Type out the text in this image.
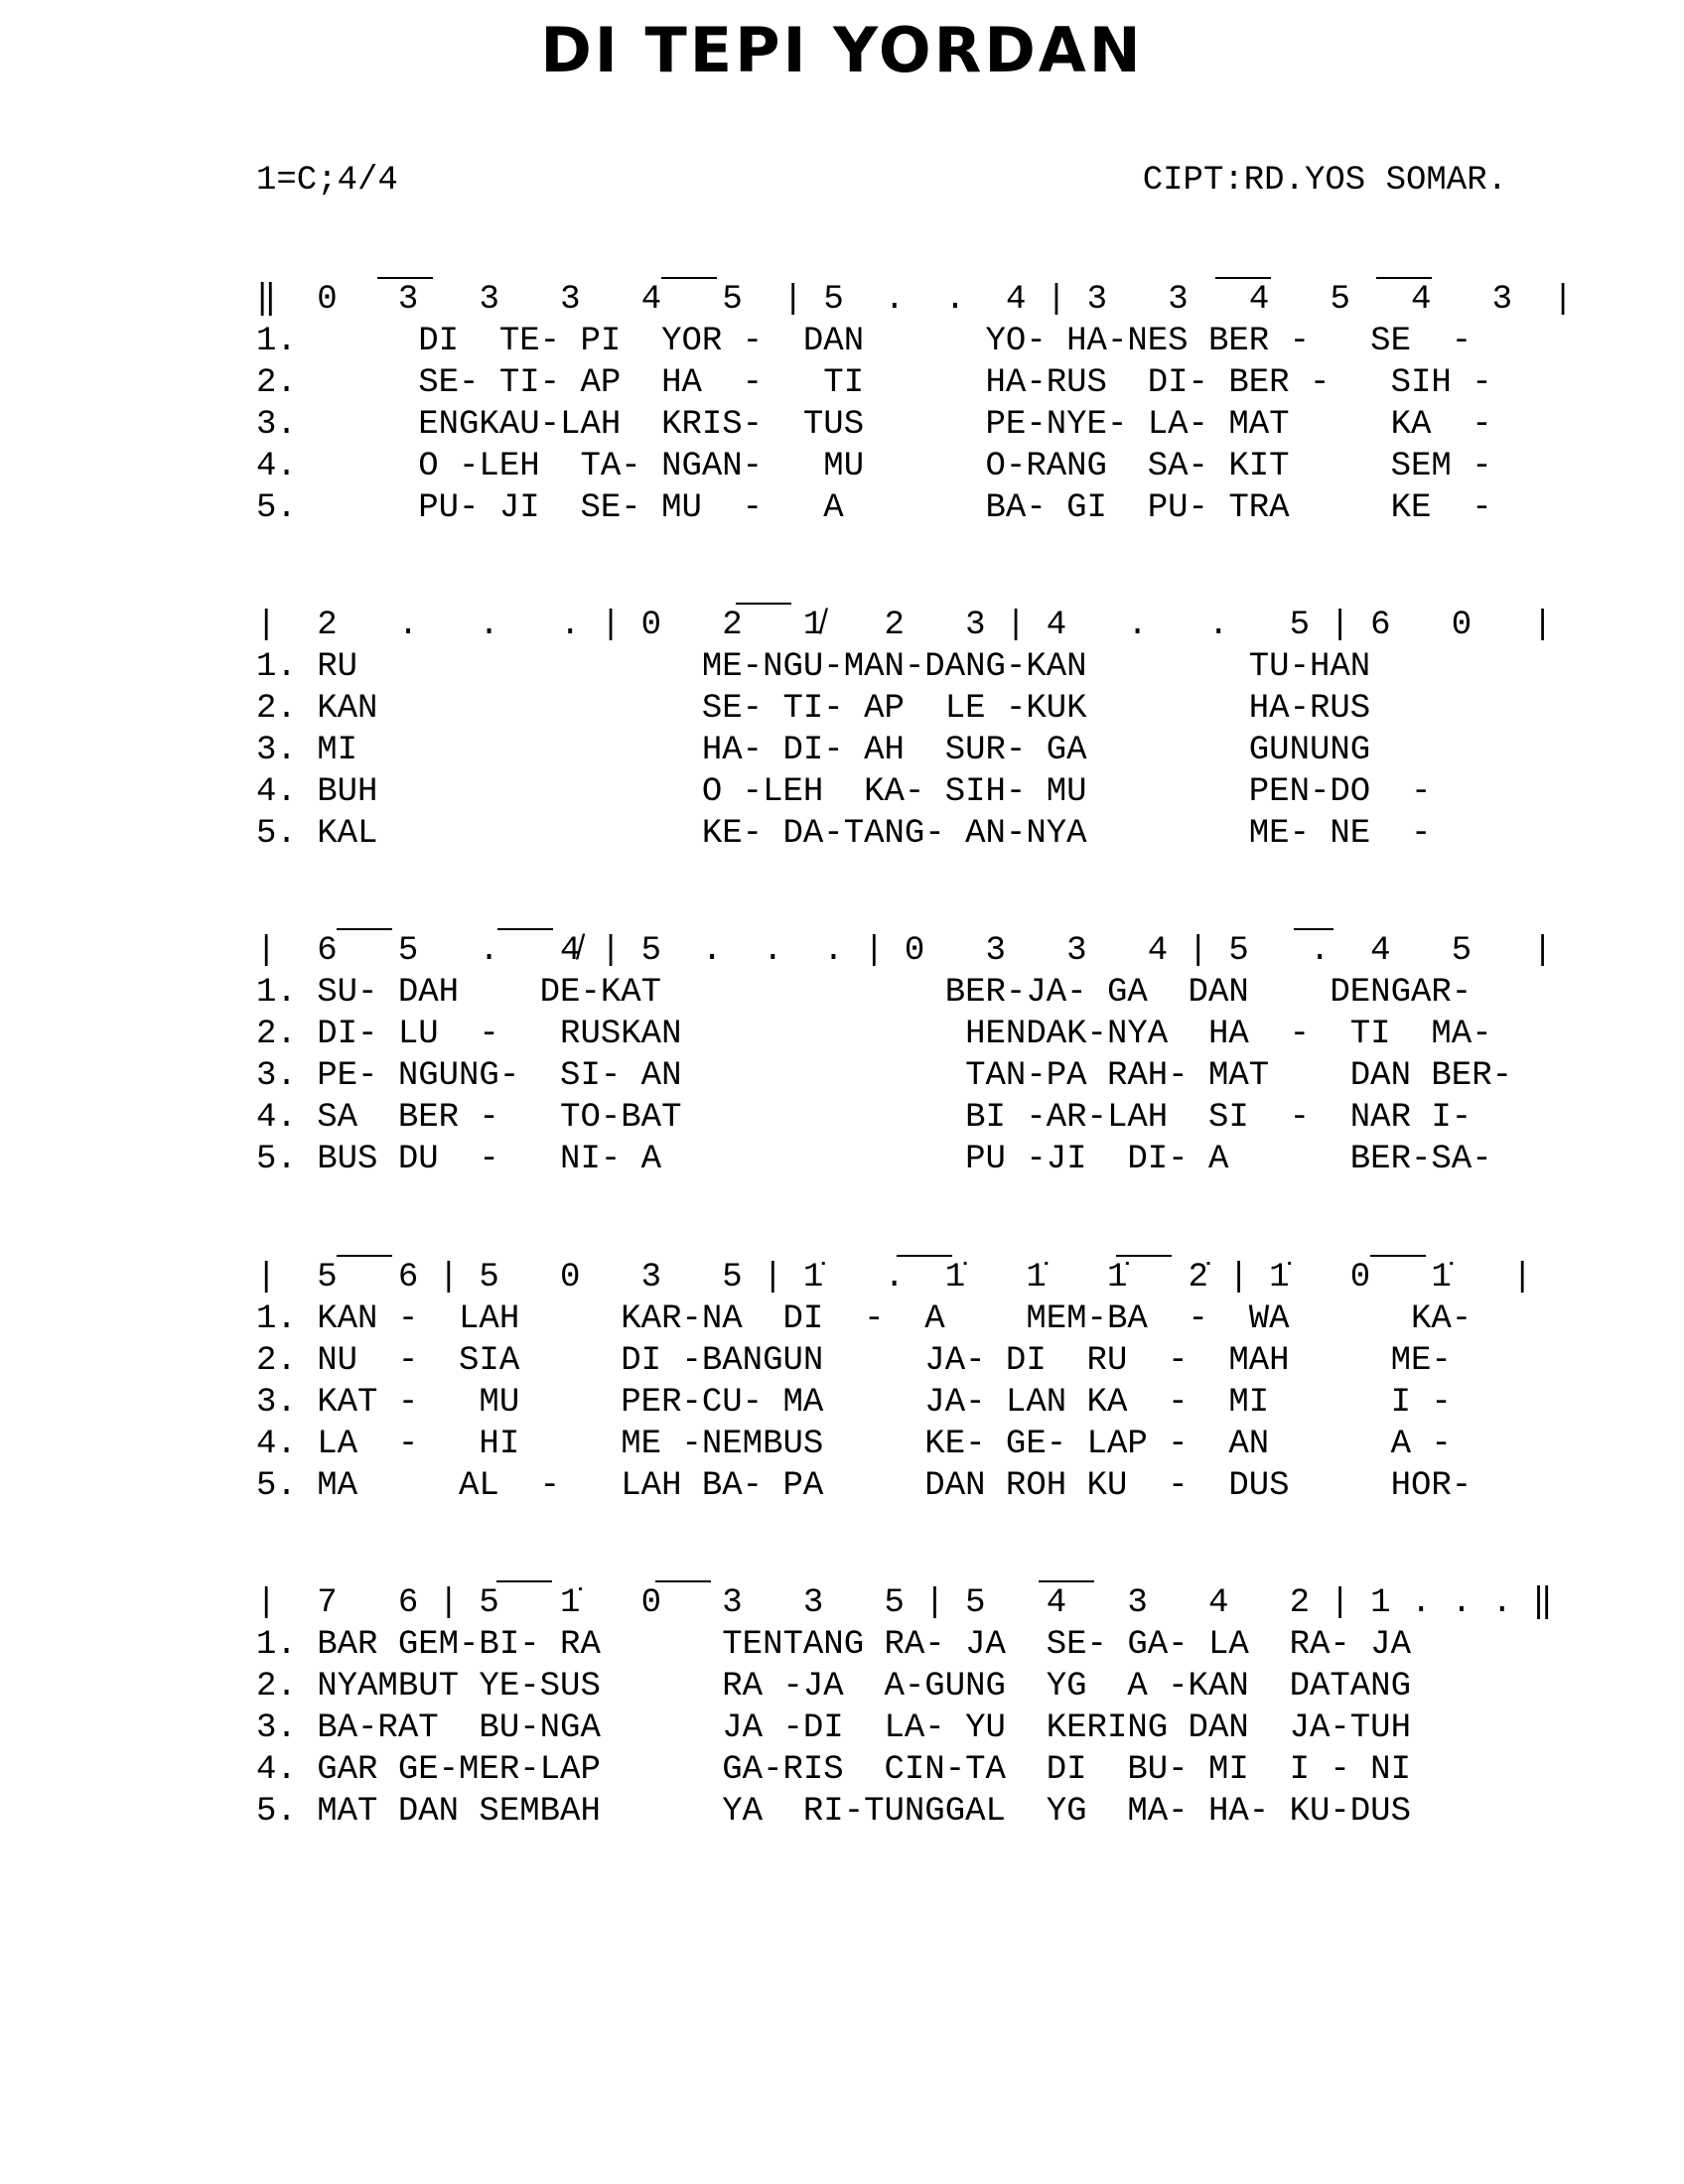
DI TEPI YORDAN
1=C;4/4	CIPT:RD.YOS SOMAR.
‖  0   3   3   3   4   5  | 5  .  .  4 | 3   3   4   5   4   3  |
1.      DI  TE- PI  YOR -  DAN      YO- HA-NES BER -   SE  -
2.      SE- TI- AP  HA  -   TI      HA-RUS  DI- BER -   SIH -
3.      ENGKAU-LAH  KRIS-  TUS      PE-NYE- LA- MAT     KA  -
4.      O -LEH  TA- NGAN-   MU      O-RANG  SA- KIT     SEM -
5.      PU- JI  SE- MU  -   A       BA- GI  PU- TRA     KE  -
|  2   .   .   . | 0   2   1̸   2   3 | 4   .   .   5 | 6   0   |
1. RU                 ME-NGU-MAN-DANG-KAN        TU-HAN
2. KAN                SE- TI- AP  LE -KUK        HA-RUS
3. MI                 HA- DI- AH  SUR- GA        GUNUNG
4. BUH                O -LEH  KA- SIH- MU        PEN-DO  -
5. KAL                KE- DA-TANG- AN-NYA        ME- NE  -
|  6   5   .   4̸ | 5  .  .  . | 0   3   3   4 | 5   .  4   5   |
1. SU- DAH    DE-KAT              BER-JA- GA  DAN    DENGAR-
2. DI- LU  -   RUSKAN              HENDAK-NYA  HA  -  TI  MA-
3. PE- NGUNG-  SI- AN              TAN-PA RAH- MAT    DAN BER-
4. SA  BER -   TO-BAT              BI -AR-LAH  SI  -  NAR I-
5. BUS DU  -   NI- A               PU -JI  DI- A      BER-SA-
|  5   6 | 5   0   3   5 | 1̇   .  1̇   1̇   1̇   2̇ | 1̇   0   1̇   |
1. KAN -  LAH     KAR-NA  DI  -  A    MEM-BA  -  WA      KA-
2. NU  -  SIA     DI -BANGUN     JA- DI  RU  -  MAH     ME-
3. KAT -   MU     PER-CU- MA     JA- LAN KA  -  MI      I -
4. LA  -   HI     ME -NEMBUS     KE- GE- LAP -  AN      A -
5. MA     AL  -   LAH BA- PA     DAN ROH KU  -  DUS     HOR-
|  7   6 | 5   1̇   0   3   3   5 | 5   4   3   4   2 | 1 . . . ‖
1. BAR GEM-BI- RA      TENTANG RA- JA  SE- GA- LA  RA- JA
2. NYAMBUT YE-SUS      RA -JA  A-GUNG  YG  A -KAN  DATANG
3. BA-RAT  BU-NGA      JA -DI  LA- YU  KERING DAN  JA-TUH
4. GAR GE-MER-LAP      GA-RIS  CIN-TA  DI  BU- MI  I - NI
5. MAT DAN SEMBAH      YA  RI-TUNGGAL  YG  MA- HA- KU-DUS
